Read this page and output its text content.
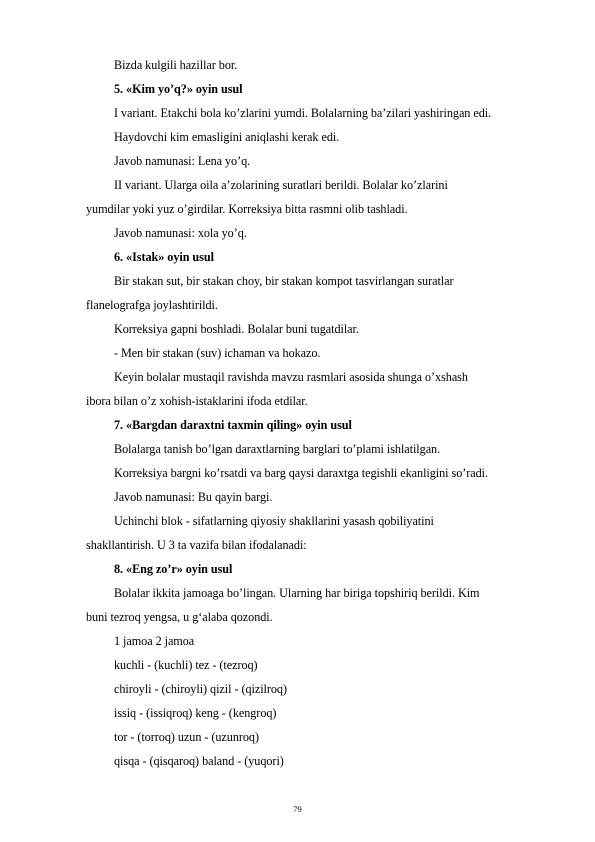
Bizda kulgili hazillar bor.
5. «Kim yo’q?» oyin usul
I variant. Etakchi bola ko’zlarini yumdi. Bolalarning ba’zilari yashiringan edi.
Haydovchi kim emasligini aniqlashi kerak edi.
Javob namunasi: Lena yo’q.
II variant. Ularga oila a’zolarining suratlari berildi. Bolalar ko’zlarini
yumdilar yoki yuz o’girdilar. Korreksiya bitta rasmni olib tashladi.
Javob namunasi: xola yo’q.
6. «Istak» oyin usul
Bir stakan sut, bir stakan choy, bir stakan kompot tasvirlangan suratlar
flanelografga joylashtirildi.
Korreksiya gapni boshladi. Bolalar buni tugatdilar.
- Men bir stakan (suv) ichaman va hokazo.
Keyin bolalar mustaqil ravishda mavzu rasmlari asosida shunga o’xshash
ibora bilan o’z xohish-istaklarini ifoda etdilar.
7. «Bargdan daraxtni taxmin qiling» oyin usul
Bolalarga tanish bo’lgan daraxtlarning barglari to’plami ishlatilgan.
Korreksiya bargni ko’rsatdi va barg qaysi daraxtga tegishli ekanligini so’radi.
Javob namunasi: Bu qayin bargi.
Uchinchi blok - sifatlarning qiyosiy shakllarini yasash qobiliyatini
shakllantirish. U 3 ta vazifa bilan ifodalanadi:
8. «Eng zo’r» oyin usul
Bolalar ikkita jamoaga bo’lingan. Ularning har biriga topshiriq berildi. Kim
buni tezroq yengsa, u g‘alaba qozondi.
1 jamoa 2 jamoa
kuchli - (kuchli) tez - (tezroq)
chiroyli - (chiroyli) qizil - (qizilroq)
issiq - (issiqroq) keng - (kengroq)
tor - (torroq) uzun - (uzunroq)
qisqa - (qisqaroq) baland - (yuqori)
79
